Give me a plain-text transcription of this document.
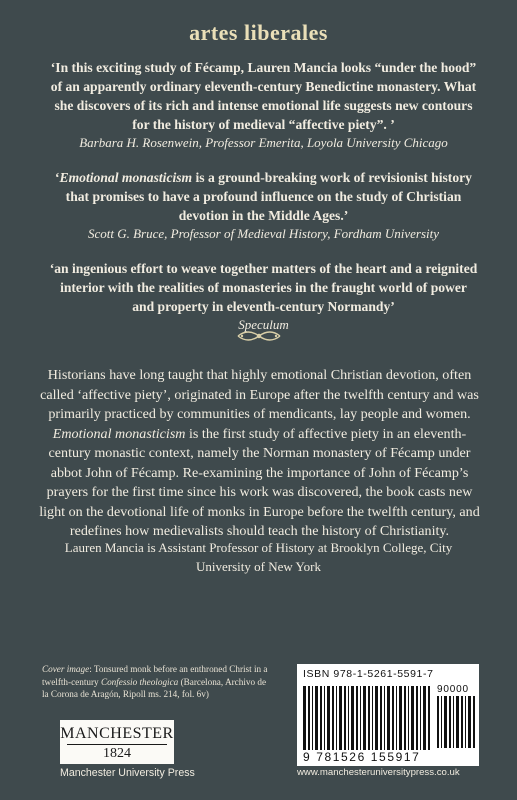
artes liberales
‘In this exciting study of Fécamp, Lauren Mancia looks “under the hood” of an apparently ordinary eleventh-century Benedictine monastery. What she discovers of its rich and intense emotional life suggests new contours for the history of medieval “affective piety”. ’
Barbara H. Rosenwein, Professor Emerita, Loyola University Chicago
‘Emotional monasticism is a ground-breaking work of revisionist history that promises to have a profound influence on the study of Christian devotion in the Middle Ages.’
Scott G. Bruce, Professor of Medieval History, Fordham University
‘an ingenious effort to weave together matters of the heart and a reignited interior with the realities of monasteries in the fraught world of power and property in eleventh-century Normandy’
Speculum
Historians have long taught that highly emotional Christian devotion, often called ‘affective piety’, originated in Europe after the twelfth century and was primarily practiced by communities of mendicants, lay people and women. Emotional monasticism is the first study of affective piety in an eleventh-century monastic context, namely the Norman monastery of Fécamp under abbot John of Fécamp. Re-examining the importance of John of Fécamp’s prayers for the first time since his work was discovered, the book casts new light on the devotional life of monks in Europe before the twelfth century, and redefines how medievalists should teach the history of Christianity.
Lauren Mancia is Assistant Professor of History at Brooklyn College, City University of New York
Cover image: Tonsured monk before an enthroned Christ in a twelfth-century Confessio theologica (Barcelona, Archivo de la Corona de Aragón, Ripoll ms. 214, fol. 6v)
MANCHESTER
1824
Manchester University Press
ISBN 978-1-5261-5591-7
90000
9 781526 155917
www.manchesteruniversitypress.co.uk
